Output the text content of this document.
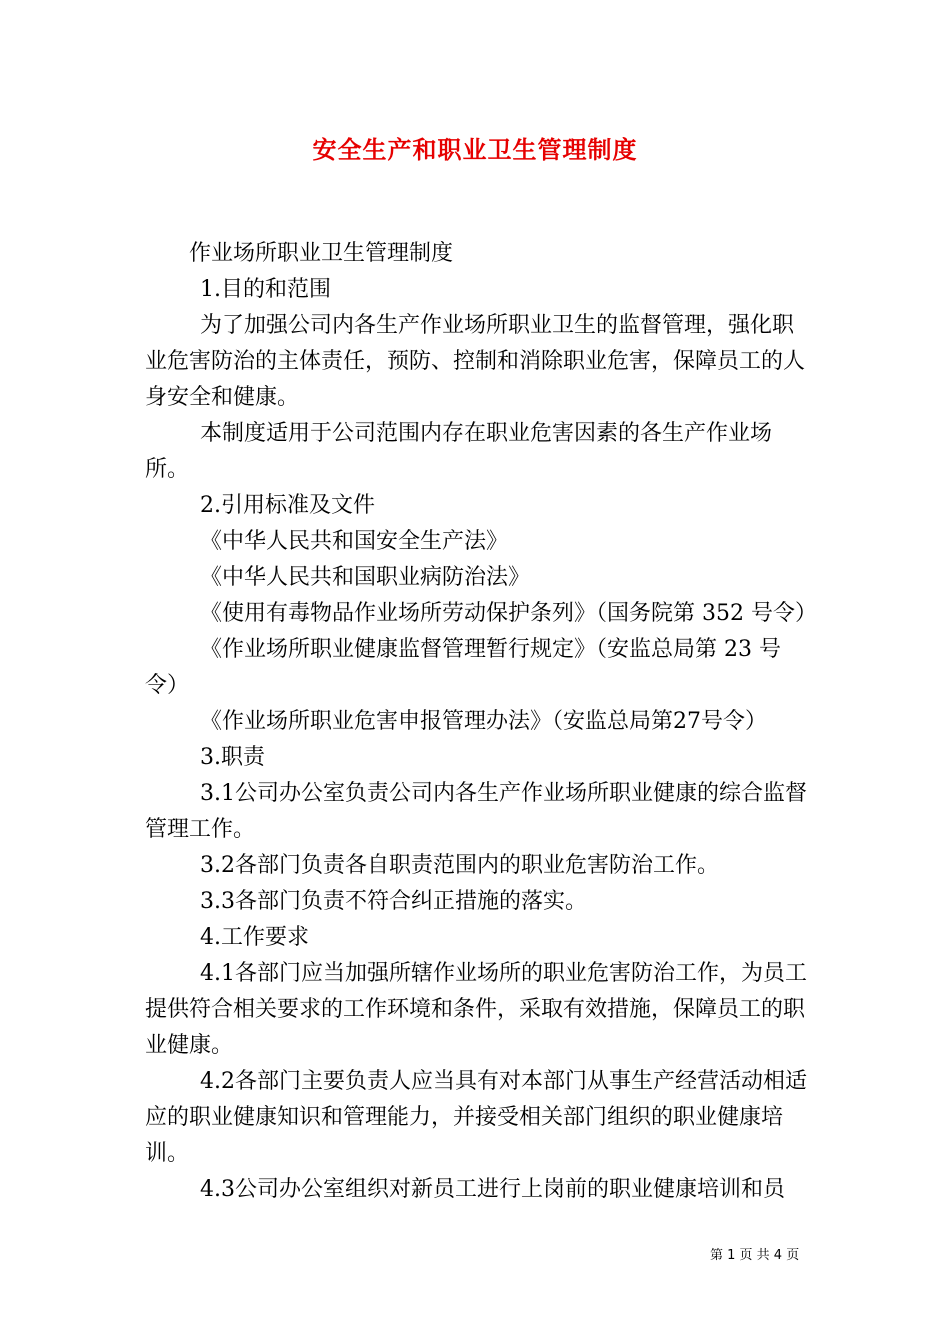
安全生产和职业卫生管理制度

作业场所职业卫生管理制度

1.目的和范围

为了加强公司内各生产作业场所职业卫生的监督管理，强化职业危害防治的主体责任，预防、控制和消除职业危害，保障员工的人身安全和健康。

本制度适用于公司范围内存在职业危害因素的各生产作业场所。

2.引用标准及文件

《中华人民共和国安全生产法》

《中华人民共和国职业病防治法》

《使用有毒物品作业场所劳动保护条列》（国务院第 352 号令）

《作业场所职业健康监督管理暂行规定》（安监总局第 23 号令）

《作业场所职业危害申报管理办法》（安监总局第27号令）

3.职责

3.1公司办公室负责公司内各生产作业场所职业健康的综合监督管理工作。

3.2各部门负责各自职责范围内的职业危害防治工作。

3.3各部门负责不符合纠正措施的落实。

4.工作要求

4.1各部门应当加强所辖作业场所的职业危害防治工作，为员工提供符合相关要求的工作环境和条件，采取有效措施，保障员工的职业健康。

4.2各部门主要负责人应当具有对本部门从事生产经营活动相适应的职业健康知识和管理能力，并接受相关部门组织的职业健康培训。

4.3公司办公室组织对新员工进行上岗前的职业健康培训和员

第 1 页 共 4 页
